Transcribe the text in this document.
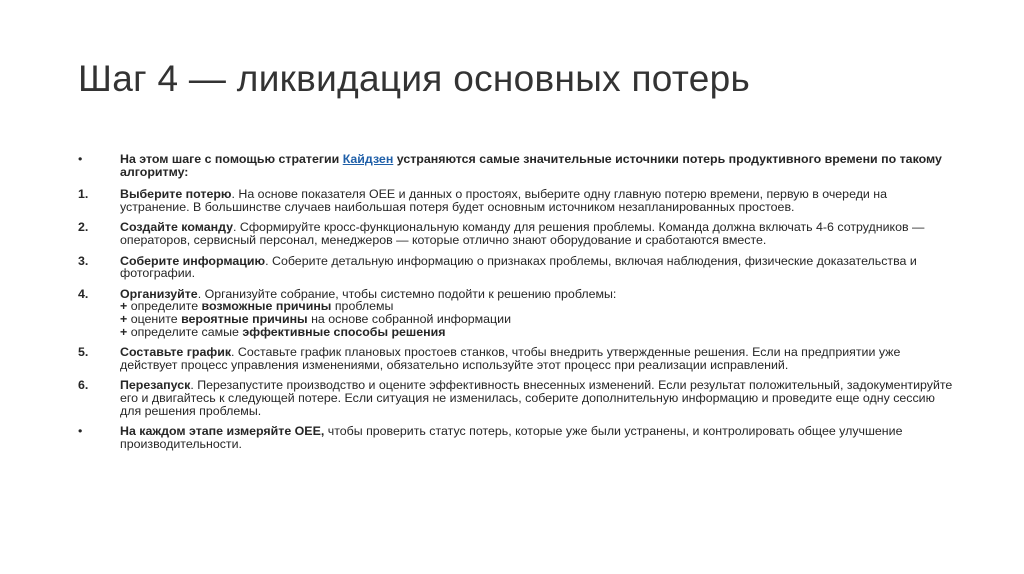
Шаг 4 — ликвидация основных потерь
•	На этом шаге с помощью стратегии Кайдзен устраняются самые значительные источники потерь продуктивного времени по такому алгоритму:
1.	Выберите потерю. На основе показателя OEE и данных о простоях, выберите одну главную потерю времени, первую в очереди на устранение. В большинстве случаев наибольшая потеря будет основным источником незапланированных простоев.
2.	Создайте команду. Сформируйте кросс-функциональную команду для решения проблемы. Команда должна включать 4-6 сотрудников — операторов, сервисный персонал, менеджеров — которые отлично знают оборудование и сработаются вместе.
3.	Соберите информацию. Соберите детальную информацию о признаках проблемы, включая наблюдения, физические доказательства и фотографии.
4.	Организуйте. Организуйте собрание, чтобы системно подойти к решению проблемы:
+ определите возможные причины проблемы
+ оцените вероятные причины на основе собранной информации
+ определите самые эффективные способы решения
5.	Составьте график. Составьте график плановых простоев станков, чтобы внедрить утвержденные решения. Если на предприятии уже действует процесс управления изменениями, обязательно используйте этот процесс при реализации исправлений.
6.	Перезапуск. Перезапустите производство и оцените эффективность внесенных изменений. Если результат положительный, задокументируйте его и двигайтесь к следующей потере. Если ситуация не изменилась, соберите дополнительную информацию и проведите еще одну сессию для решения проблемы.
•	На каждом этапе измеряйте OEE, чтобы проверить статус потерь, которые уже были устранены, и контролировать общее улучшение производительности.
